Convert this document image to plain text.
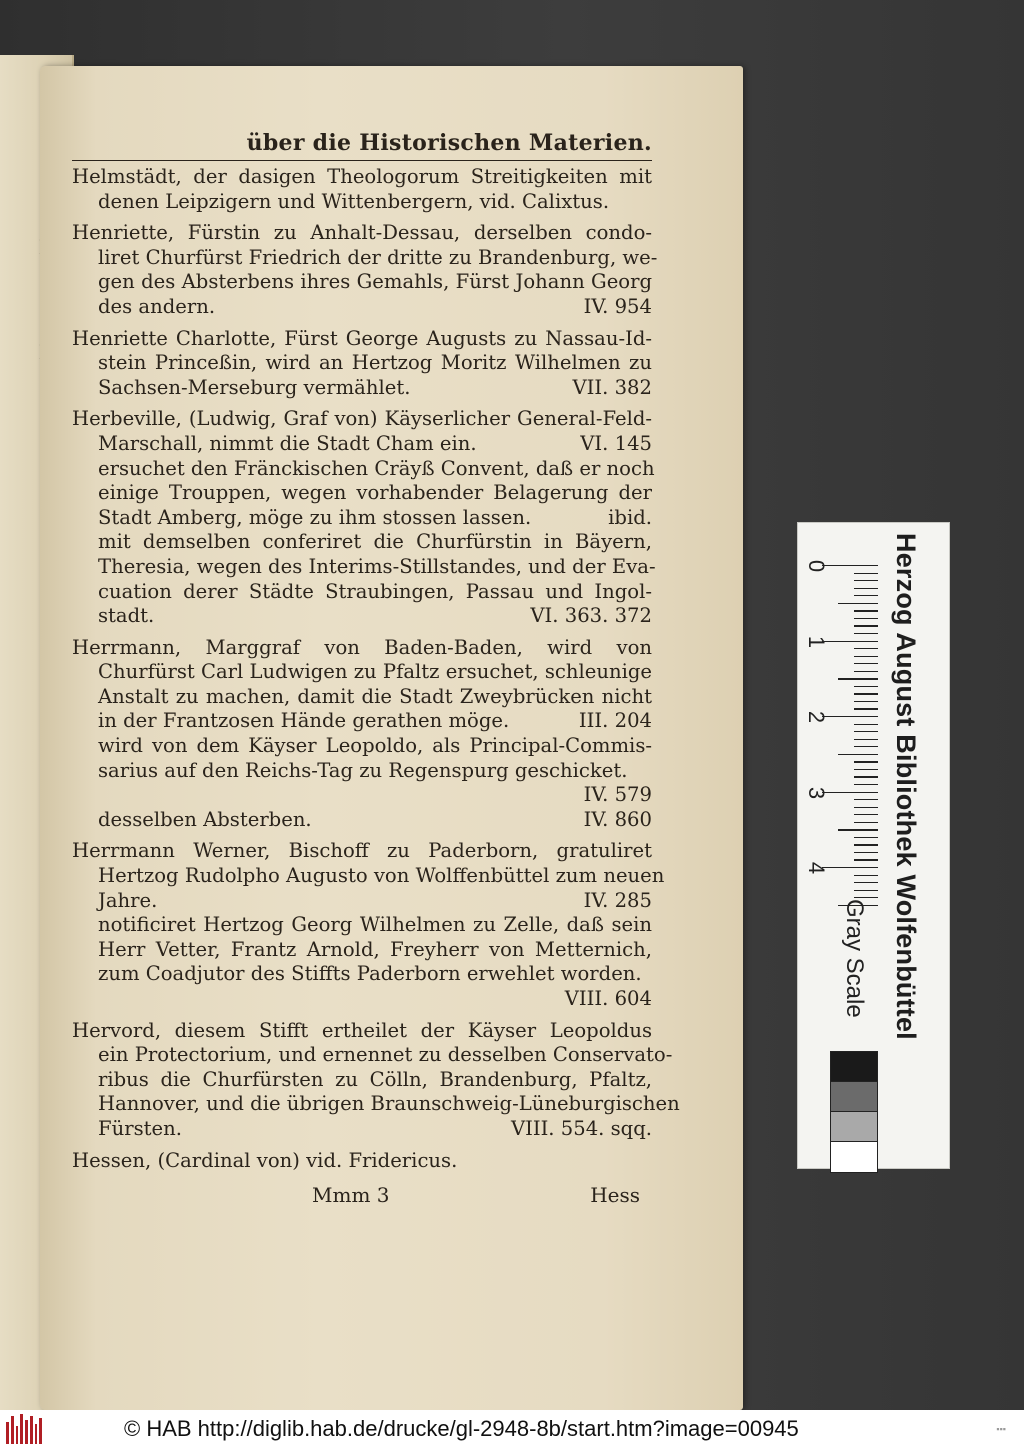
über die Historischen Materien.
Helmstädt, der dasigen Theologorum Streitigkeiten mit
denen Leipzigern und Wittenbergern, vid. Calixtus.
Henriette, Fürstin zu Anhalt-Dessau, derselben condo-
liret Churfürst Friedrich der dritte zu Brandenburg, we-
gen des Absterbens ihres Gemahls, Fürst Johann Georg
des andern.	IV. 954
Henriette Charlotte, Fürst George Augusts zu Nassau-Id-
stein Princeßin, wird an Hertzog Moritz Wilhelmen zu
Sachsen-Merseburg vermählet.	VII. 382
Herbeville, (Ludwig, Graf von) Käyserlicher General-Feld-
Marschall, nimmt die Stadt Cham ein.	VI. 145
ersuchet den Fränckischen Cräyß Convent, daß er noch
einige Trouppen, wegen vorhabender Belagerung der
Stadt Amberg, möge zu ihm stossen lassen.	ibid.
mit demselben conferiret die Churfürstin in Bäyern,
Theresia, wegen des Interims-Stillstandes, und der Eva-
cuation derer Städte Straubingen, Passau und Ingol-
stadt.	VI. 363. 372
Herrmann, Marggraf von Baden-Baden, wird von
Churfürst Carl Ludwigen zu Pfaltz ersuchet, schleunige
Anstalt zu machen, damit die Stadt Zweybrücken nicht
in der Frantzosen Hände gerathen möge.	III. 204
wird von dem Käyser Leopoldo, als Principal-Commis-
sarius auf den Reichs-Tag zu Regenspurg geschicket.
IV. 579
desselben Absterben.	IV. 860
Herrmann Werner, Bischoff zu Paderborn, gratuliret
Hertzog Rudolpho Augusto von Wolffenbüttel zum neuen
Jahre.	IV. 285
notificiret Hertzog Georg Wilhelmen zu Zelle, daß sein
Herr Vetter, Frantz Arnold, Freyherr von Metternich,
zum Coadjutor des Stiffts Paderborn erwehlet worden.
VIII. 604
Hervord, diesem Stifft ertheilet der Käyser Leopoldus
ein Protectorium, und ernennet zu desselben Conservato-
ribus die Churfürsten zu Cölln, Brandenburg, Pfaltz,
Hannover, und die übrigen Braunschweig-Lüneburgischen
Fürsten.	VIII. 554. sqq.
Hessen, (Cardinal von) vid. Fridericus.
Mmm 3	Hess
0
1
2
3
4	Herzog August Bibliothek Wolfenbüttel
Gray Scale
© HAB http://diglib.hab.de/drucke/gl-2948-8b/start.htm?image=00945	▪▪▪
